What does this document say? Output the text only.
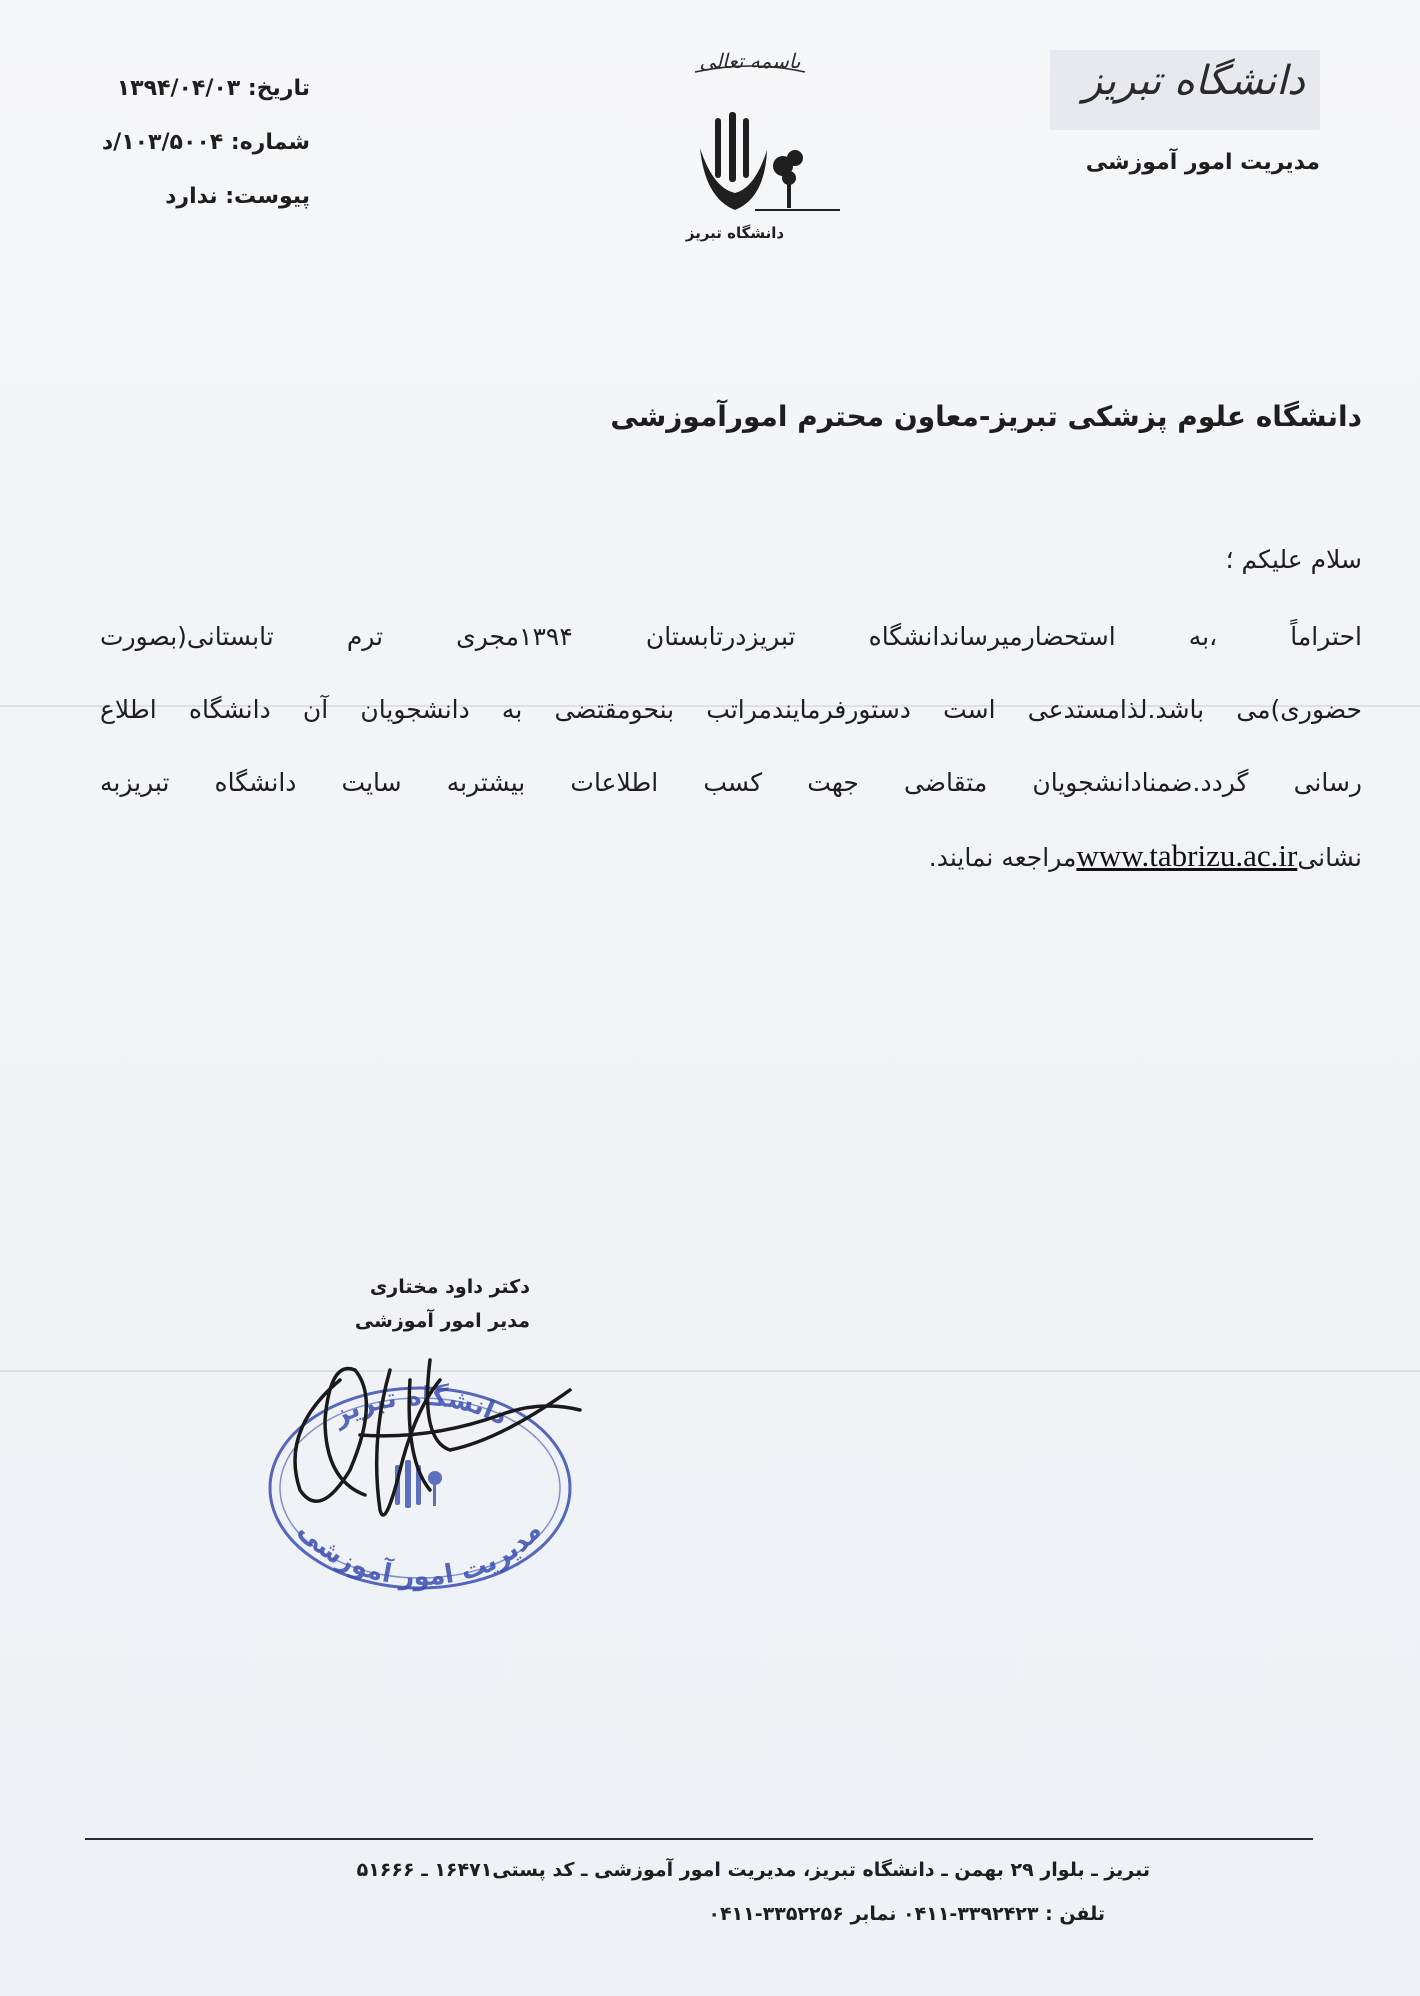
تاریخ: ۱۳۹۴/۰۴/۰۳
شماره: ۱۰۳/۵۰۰۴/د
پیوست: ندارد
باسمه تعالی
دانشگاه تبریز
دانشگاه تبریز
مدیریت امور آموزشی
دانشگاه علوم پزشکی تبریز-معاون محترم امورآموزشی
سلام علیکم ؛
احتراماً ،به استحضارمیرساندانشگاه تبریزدرتابستان ۱۳۹۴مجری ترم تابستانی(بصورت
حضوری)می باشد.لذامستدعی است دستورفرمایندمراتب بنحومقتضی به دانشجویان آن دانشگاه اطلاع
رسانی گردد.ضمنادانشجویان متقاضی جهت کسب اطلاعات بیشتربه سایت دانشگاه تبریزبه
نشانیwww.tabrizu.ac.irمراجعه نمایند.
دکتر داود مختاری
مدیر امور آموزشی
دانشگاه تبریز
مدیریت امور آموزشی
تبریز ـ بلوار ۲۹ بهمن ـ دانشگاه تبریز، مدیریت امور آموزشی ـ کد پستی۱۶۴۷۱ ـ ۵۱۶۶۶
تلفن : ۳۳۹۲۴۲۳-۰۴۱۱ نمابر ۳۳۵۲۲۵۶-۰۴۱۱
